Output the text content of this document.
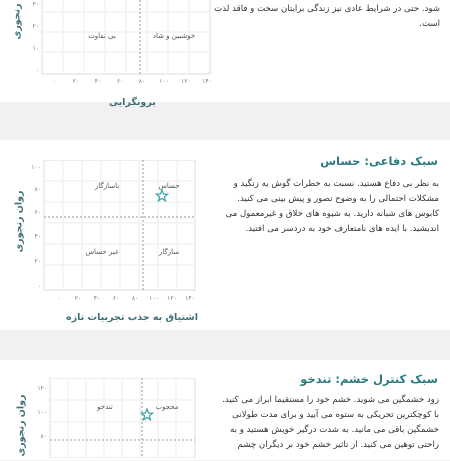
شود. حتی در شرایط عادی نیز زندگی برایتان سخت و فاقد لذت است.
۳۰
۲۰
۱۰
۰
۱۴۰
۱۲۰
۱۰۰
۸۰
۶۰
۴۰
۲۰
۰
خوشبین و شاد
بی تفاوت
رنجوری
برونگرایی
سبک دفاعی: حساس
به نظر بی دفاع هستید. نسبت به خطرات گوش به زنگید و مشکلات احتمالی را به وضوح تصور و پیش بینی می کنید. کابوس های شبانه دارید. به شیوه های خلاق و غیرمعمول می اندیشید. با ایده های نامتعارف خود به دردسر می افتید.
۱۰۰
۸۰
۶۰
۴۰
۲۰
۰
۱۴۰
۱۲۰
۱۰۰
۸۰
۶۰
۴۰
۲۰
۰
حساس
ناسازگار
سازگار
غیر حساس
روان رنجوری
اشتیاق به جذب تجربیات تازه
سبک کنترل خشم: تندخو
زود خشمگین می شوید. خشم خود را مستقیما ابراز می کنید. با کوچکترین تحریکی به ستوه می آیید و برای مدت طولانی خشمگین باقی می مانید. به شدت درگیر خویش هستید و به راحتی توهین می کنید. از تاثیر خشم خود بر دیگران چشم
۱۲۰
۱۰۰
۸۰
محجوب
تندخو
روان رنجوری
